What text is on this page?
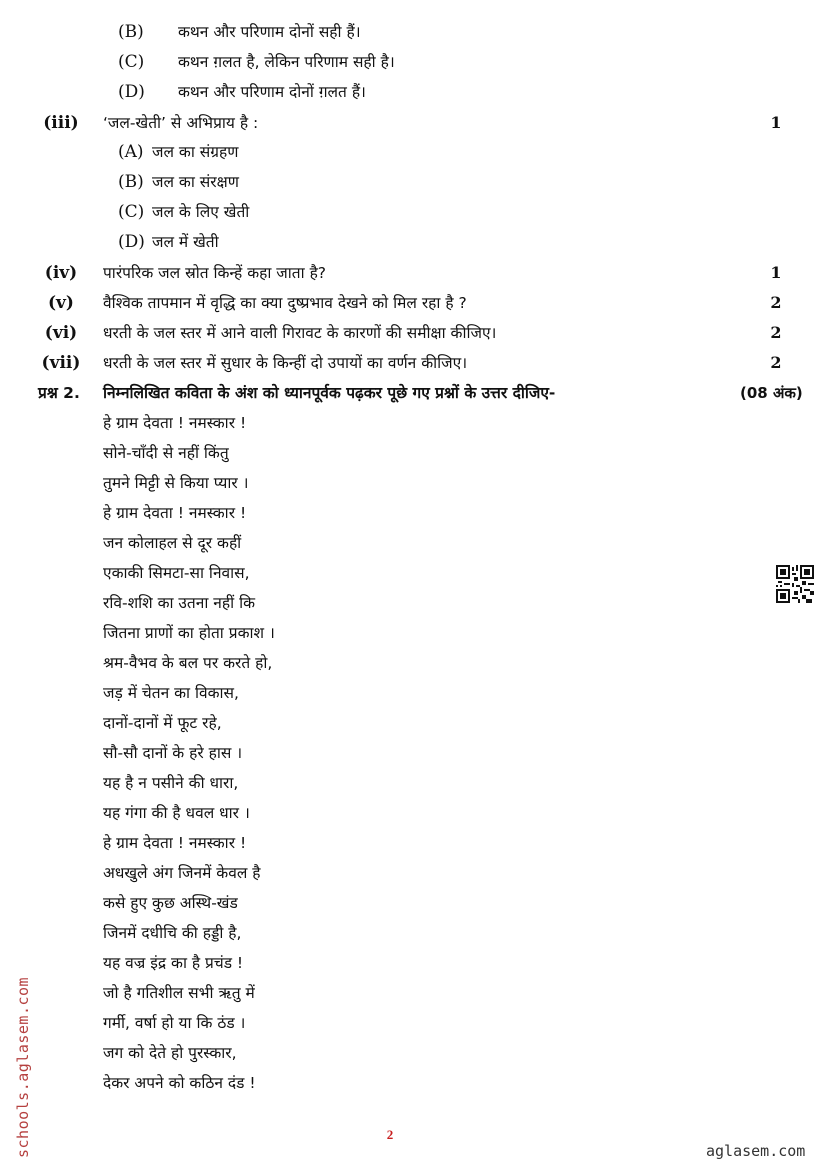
(B) कथन और परिणाम दोनों सही हैं।
(C) कथन ग़लत है, लेकिन परिणाम सही है।
(D) कथन और परिणाम दोनों ग़लत हैं।
(iii)	‘जल-खेती’ से अभिप्राय है :	1
(A) जल का संग्रहण
(B) जल का संरक्षण
(C) जल के लिए खेती
(D) जल में खेती
(iv)	पारंपरिक जल स्रोत किन्हें कहा जाता है?	1
(v)	वैश्विक तापमान में वृद्धि का क्या दुष्प्रभाव देखने को मिल रहा है ?	2
(vi)	धरती के जल स्तर में आने वाली गिरावट के कारणों की समीक्षा कीजिए।	2
(vii)	धरती के जल स्तर में सुधार के किन्हीं दो उपायों का वर्णन कीजिए।	2
प्रश्न 2. निम्नलिखित कविता के अंश को ध्यानपूर्वक पढ़कर पूछे गए प्रश्नों के उत्तर दीजिए-	(08 अंक)
हे ग्राम देवता ! नमस्कार !
सोने-चाँदी से नहीं किंतु
तुमने मिट्टी से किया प्यार ।
हे ग्राम देवता ! नमस्कार !
जन कोलाहल से दूर कहीं
एकाकी सिमटा-सा निवास,
रवि-शशि का उतना नहीं कि
जितना प्राणों का होता प्रकाश ।
श्रम-वैभव के बल पर करते हो,
जड़ में चेतन का विकास,
दानों-दानों में फूट रहे,
सौ-सौ दानों के हरे हास ।
यह है न पसीने की धारा,
यह गंगा की है धवल धार ।
हे ग्राम देवता ! नमस्कार !
अधखुले अंग जिनमें केवल है
कसे हुए कुछ अस्थि-खंड
जिनमें दधीचि की हड्डी है,
यह वज्र इंद्र का है प्रचंड !
जो है गतिशील सभी ऋतु में
गर्मी, वर्षा हो या कि ठंड ।
जग को देते हो पुरस्कार,
देकर अपने को कठिन दंड !
schools.aglasem.com	2
aglasem.com
